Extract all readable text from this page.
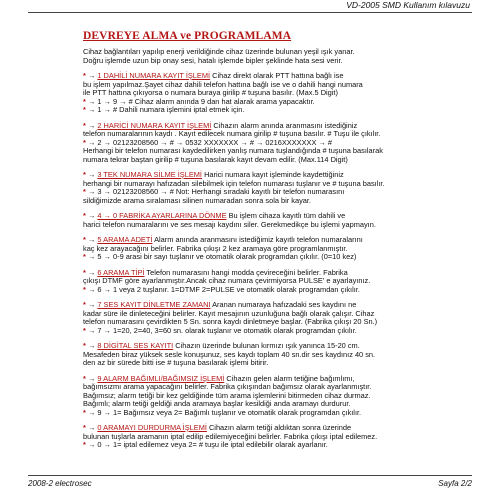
VD-2005 SMD Kullanım kılavuzu
DEVREYE ALMA ve PROGRAMLAMA

Cihaz bağlantıları yapılıp enerji verildiğinde cihaz üzerinde bulunan yeşil ışık yanar.

Doğru işlemde uzun bip onay sesi, hatalı işlemde bipler şeklinde hata sesi verir.

* → 1 DAHİLİ NUMARA KAYIT İŞLEMİ Cihaz direkt olarak PTT hattına bağlı ise

bu işlem yapılmaz.Şayet cihaz dahili telefon hattına bağlı ise ve o dahili hangi numara

ile PTT hattına çıkıyorsa o numara buraya girilip # tuşuna basılır. (Max.5 Digit)

* → 1 → 9 → # Cihaz alarm anında 9 dan hat alarak arama yapacaktır.

* → 1 → # Dahili numara işlemini iptal etmek için.

* → 2 HARİCİ NUMARA KAYIT İŞLEMİ Cihazın alarm anında aranmasını istediğiniz

telefon numaralarının kaydı . Kayıt edilecek numara girilip # tuşuna basılır. # Tuşu ile çıkılır.

* → 2 → 02123208560 → # → 0532 XXXXXXX → # → 0216XXXXXXX → #

Herhangi bir telefon numarası kaydedilirken yanlış numara tuşlandığında # tuşuna basılarak

numara tekrar baştan girilip # tuşuna basılarak kayıt devam edilir. (Max.114 Digit)

* → 3 TEK NUMARA SİLME İŞLEMİ Harici numara kayıt işleminde kaydettiğiniz

herhangi bir numarayı hafızadan silebilmek için telefon numarası tuşlanır ve # tuşuna basılır.

* → 3 → 02123208560 → # Not: Herhangi sıradaki kayıtlı bir telefon numarasını

sildiğimizde arama sıralaması silinen numaradan sonra sola bir kayar.

* → 4 → 0 FABRİKA AYARLARINA DÖNME Bu işlem cihaza kayıtlı tüm dahili ve

harici telefon numaralarını ve ses mesajı kaydını siler. Gerekmedikçe bu işlemi yapmayın.

* → 5 ARAMA ADETİ Alarm anında aranmasını istediğimiz kayıtlı telefon numaralarını

kaç kez arayacağını belirler. Fabrika çıkışı 2 kez aramaya göre programlanmıştır.

* → 5 → 0-9 arasi bir sayı tuşlanır ve otomatik olarak programdan çıkılır. (0=10 kez)

* → 6 ARAMA TİPİ Telefon numarasını hangi modda çevireceğini belirler. Fabrika

çıkışı DTMF göre ayarlanmıştır.Ancak cihaz numara çevirmiyorsa PULSE' e ayarlayınız.

* → 6 → 1 veya 2 tuşlanır. 1=DTMF 2=PULSE ve otomatik olarak programdan çıkılır.

* → 7 SES KAYIT DİNLETME ZAMANI Aranan numaraya hafızadaki ses kaydını ne

kadar süre ile dinleteceğini belirler. Kayıt mesajının uzunluğuna bağlı olarak çalışır. Cihaz

telefon numarasını çevirdikten 5 Sn. sonra kaydı dinletmeye başlar. (Fabrika çıkışı 20 Sn.)

* → 7 → 1=20, 2=40, 3=60 sn. olarak tuşlanır ve otomatik olarak programdan çıkılır.

* → 8 DİGİTAL SES KAYITI Cihazın üzerinde bulunan kırmızı ışık yanınca 15-20 cm.

Mesafeden biraz yüksek sesle konuşunuz, ses kaydı toplam 40 sn.dir ses kaydınız 40 sn.

den az bir sürede bitti ise # tuşuna basılarak işlemi bitirir.

* → 9 ALARM BAĞIMLI/BAĞIMSIZ İŞLEMİ Cihazın gelen alarm tetiğine bağımlımı,

bağımsızmı arama yapacağını belirler. Fabrika çıkışından bağımsız olarak ayarlanmıştır.

Bağımsız; alarm tetiği bir kez geldiğinde tüm arama işlemlerini bitirmeden cihaz durmaz.

Bağımlı; alarm tetiği geldiği anda aramaya başlar kesildiği anda aramayı durdurur.

* → 9 → 1= Bağımsız veya 2= Bağımlı tuşlanır ve otomatik olarak programdan çıkılır.

* → 0 ARAMAYI DURDURMA İŞLEMİ Cihazın alarm tetiği aldıktan sonra üzerinde

bulunan tuşlarla aramanın iptal edilip edilemiyeceğini belirler. Fabrika çıkışı iptal edilemez.

* → 0 → 1= iptal edilemez veya 2= # tuşu ile iptal edilebilir olarak ayarlanır.

2008-2 electrosec	Sayfa 2/2
